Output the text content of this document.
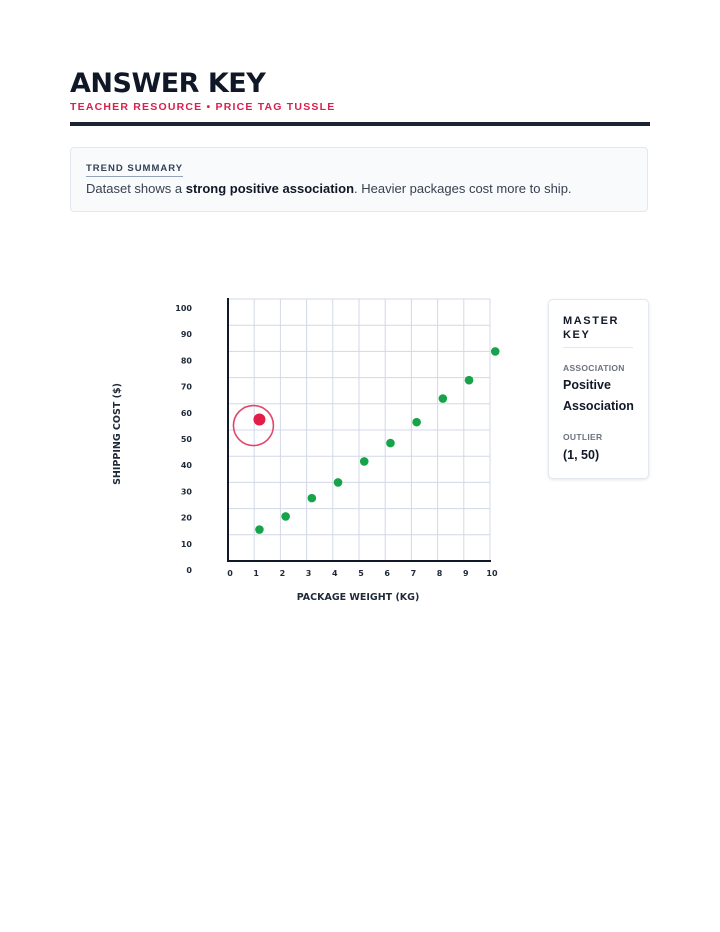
ANSWER KEY
TEACHER RESOURCE • PRICE TAG TUSSLE
TREND SUMMARY
Dataset shows a strong positive association. Heavier packages cost more to ship.
0	1	2	3	4	5	6	7	8	9 10
0
10
20
30
40
50
60
70
80
90
100
PACKAGE WEIGHT (KG)
SHIPPING COST ($)
MASTER KEY
ASSOCIATION
Positive Association
OUTLIER
(1, 50)
